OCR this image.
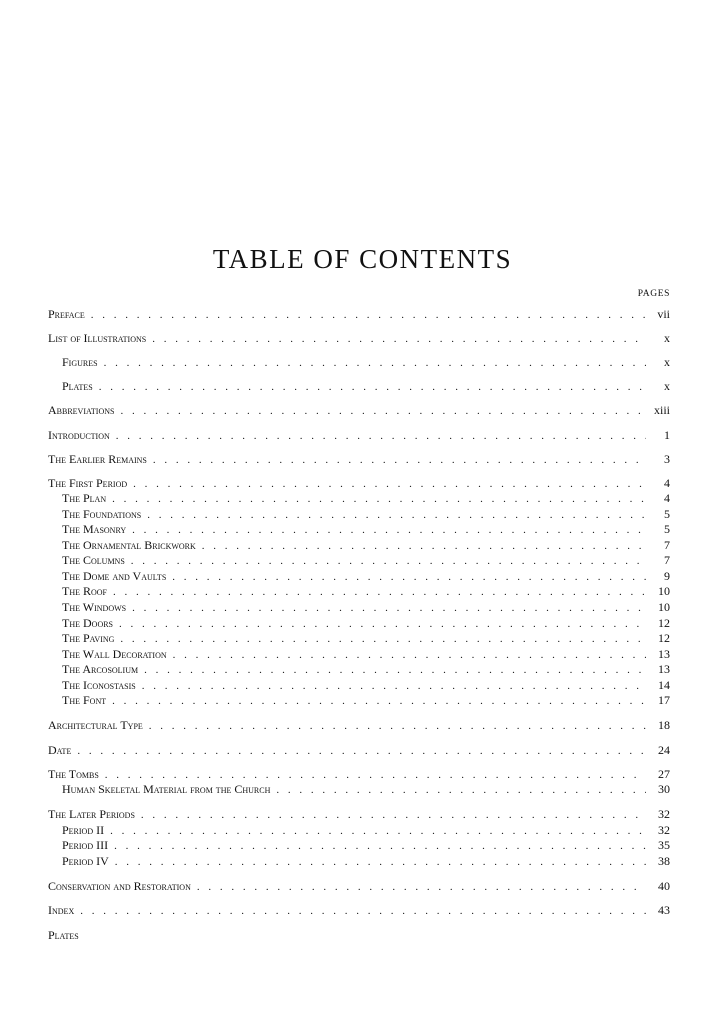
TABLE OF CONTENTS
PAGES
Preface . . .	vii
List of Illustrations . . .	x
Figures . . .	x
Plates . . .	x
Abbreviations . . .	xiii
Introduction . . .	1
The Earlier Remains . . .	3
The First Period . . .	4
The Plan . . .	4
The Foundations . . .	5
The Masonry . . .	5
The Ornamental Brickwork . . .	7
The Columns . . .	7
The Dome and Vaults . . .	9
The Roof . . .	10
The Windows . . .	10
The Doors . . .	12
The Paving . . .	12
The Wall Decoration . . .	13
The Arcosolium . . .	13
The Iconostasis . . .	14
The Font . . .	17
Architectural Type . . .	18
Date . . .	24
The Tombs . . .	27
Human Skeletal Material from the Church . . .	30
The Later Periods . . .	32
Period II . . .	32
Period III . . .	35
Period IV . . .	38
Conservation and Restoration . . .	40
Index . . .	43
Plates
